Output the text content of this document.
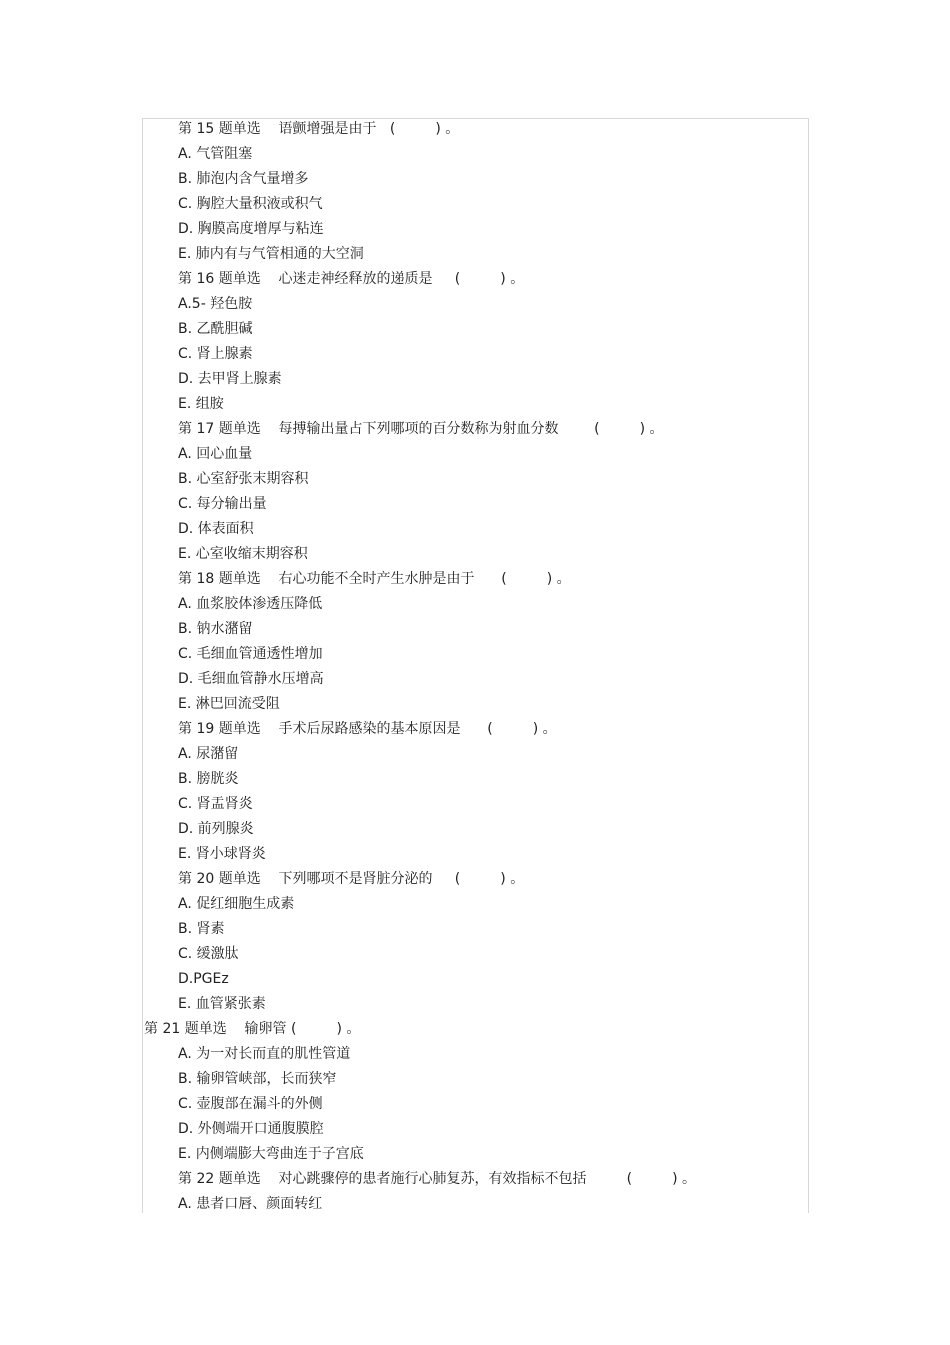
第 15 题单选    语颤增强是由于   (         ) 。
A. 气管阻塞
B. 肺泡内含气量增多
C. 胸腔大量积液或积气
D. 胸膜高度增厚与粘连
E. 肺内有与气管相通的大空洞
第 16 题单选    心迷走神经释放的递质是     (         ) 。
A.5- 羟色胺
B. 乙酰胆碱
C. 肾上腺素
D. 去甲肾上腺素
E. 组胺
第 17 题单选    每搏输出量占下列哪项的百分数称为射血分数        (         ) 。
A. 回心血量
B. 心室舒张末期容积
C. 每分输出量
D. 体表面积
E. 心室收缩末期容积
第 18 题单选    右心功能不全时产生水肿是由于      (         ) 。
A. 血浆胶体渗透压降低
B. 钠水潴留
C. 毛细血管通透性增加
D. 毛细血管静水压增高
E. 淋巴回流受阻
第 19 题单选    手术后尿路感染的基本原因是      (         ) 。
A. 尿潴留
B. 膀胱炎
C. 肾盂肾炎
D. 前列腺炎
E. 肾小球肾炎
第 20 题单选    下列哪项不是肾脏分泌的     (         ) 。
A. 促红细胞生成素
B. 肾素
C. 缓激肽
D.PGEz
E. 血管紧张素
第 21 题单选    输卵管 (         ) 。
A. 为一对长而直的肌性管道
B. 输卵管峡部，长而狭窄
C. 壶腹部在漏斗的外侧
D. 外侧端开口通腹膜腔
E. 内侧端膨大弯曲连于子宫底
第 22 题单选    对心跳骤停的患者施行心肺复苏，有效指标不包括         (         ) 。
A. 患者口唇、颜面转红
